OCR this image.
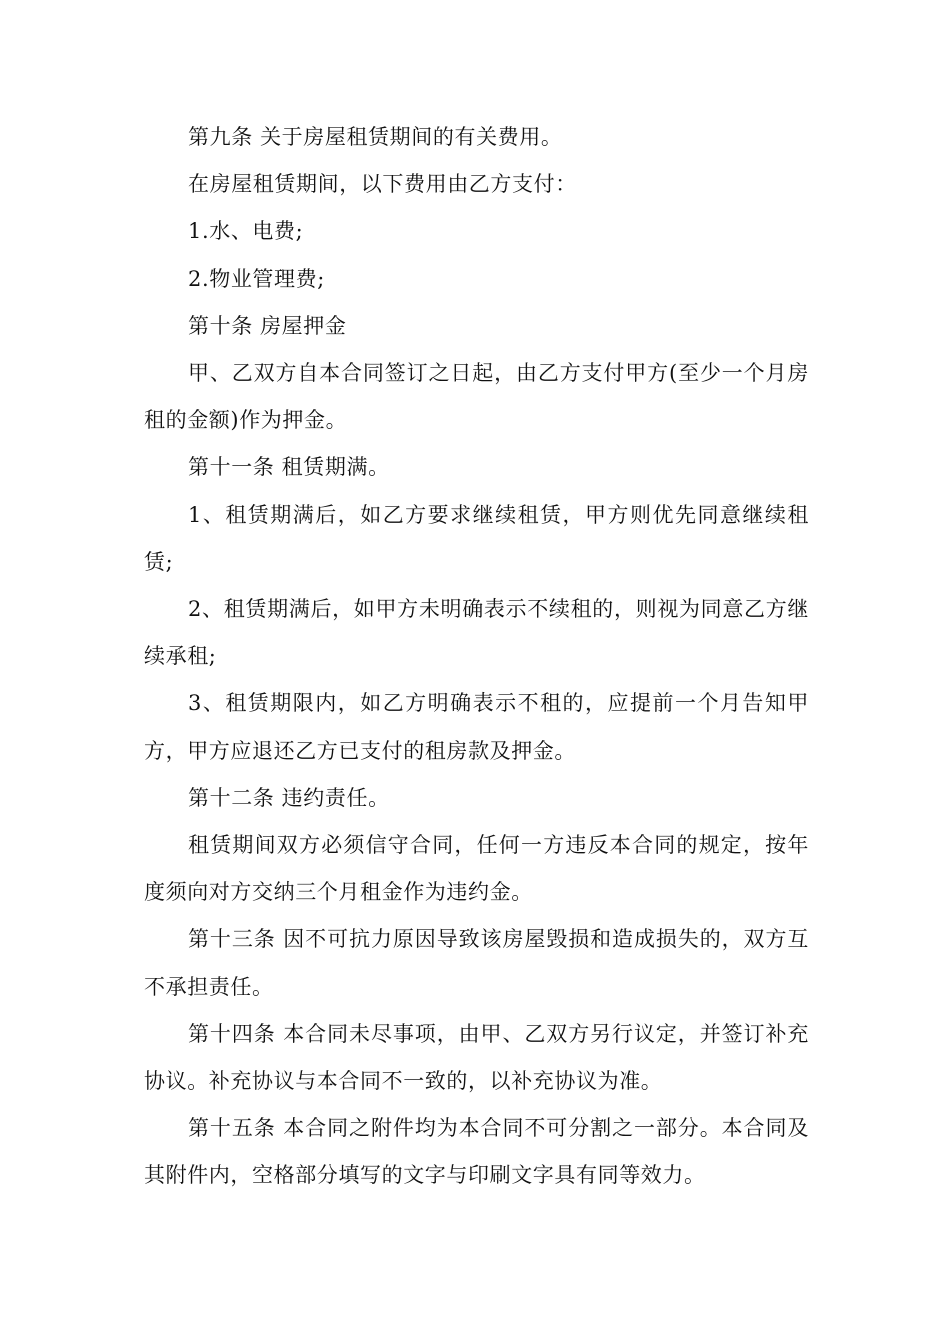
第九条 关于房屋租赁期间的有关费用。

在房屋租赁期间，以下费用由乙方支付：

1.水、电费;

2.物业管理费;

第十条 房屋押金

甲、乙双方自本合同签订之日起，由乙方支付甲方(至少一个月房租的金额)作为押金。

第十一条 租赁期满。

1、租赁期满后，如乙方要求继续租赁，甲方则优先同意继续租赁;

2、租赁期满后，如甲方未明确表示不续租的，则视为同意乙方继续承租;

3、租赁期限内，如乙方明确表示不租的，应提前一个月告知甲方，甲方应退还乙方已支付的租房款及押金。

第十二条 违约责任。

租赁期间双方必须信守合同，任何一方违反本合同的规定，按年度须向对方交纳三个月租金作为违约金。

第十三条 因不可抗力原因导致该房屋毁损和造成损失的，双方互不承担责任。

第十四条 本合同未尽事项，由甲、乙双方另行议定，并签订补充协议。补充协议与本合同不一致的，以补充协议为准。

第十五条 本合同之附件均为本合同不可分割之一部分。本合同及其附件内，空格部分填写的文字与印刷文字具有同等效力。
